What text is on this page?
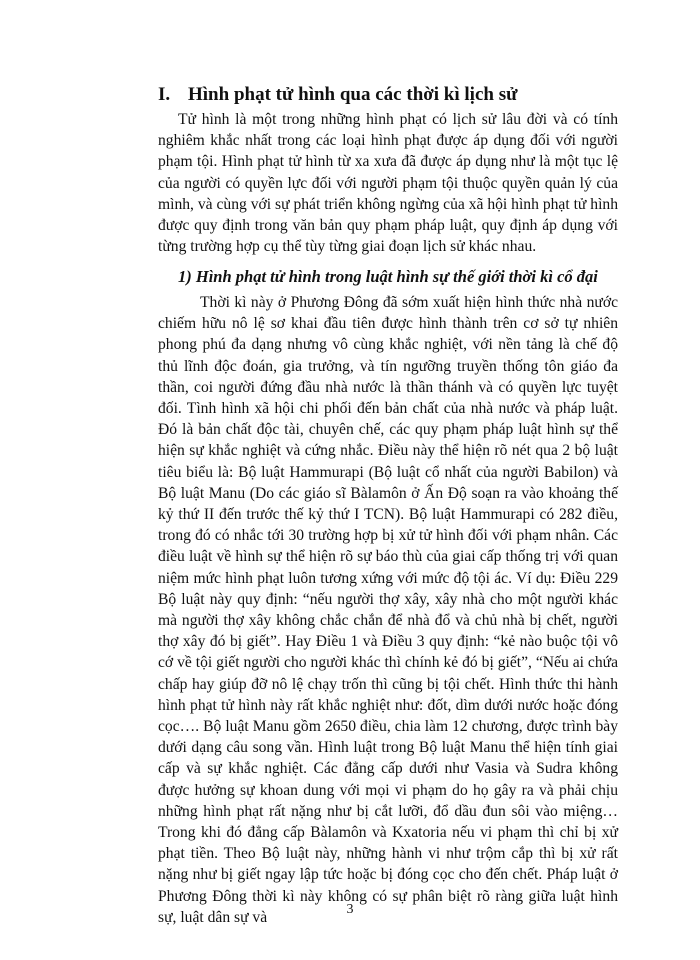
I. Hình phạt tử hình qua các thời kì lịch sử

Tử hình là một trong những hình phạt có lịch sử lâu đời và có tính nghiêm khắc nhất trong các loại hình phạt được áp dụng đối với người phạm tội. Hình phạt tử hình từ xa xưa đã được áp dụng như là một tục lệ của người có quyền lực đối với người phạm tội thuộc quyền quản lý của mình, và cùng với sự phát triển không ngừng của xã hội hình phạt tử hình được quy định trong văn bản quy phạm pháp luật, quy định áp dụng với từng trường hợp cụ thể tùy từng giai đoạn lịch sử khác nhau.

1) Hình phạt tử hình trong luật hình sự thế giới thời kì cổ đại

Thời kì này ở Phương Đông đã sớm xuất hiện hình thức nhà nước chiếm hữu nô lệ sơ khai đầu tiên được hình thành trên cơ sở tự nhiên phong phú đa dạng nhưng vô cùng khắc nghiệt, với nền tảng là chế độ thủ lĩnh độc đoán, gia trưởng, và tín ngưỡng truyền thống tôn giáo đa thần, coi người đứng đầu nhà nước là thần thánh và có quyền lực tuyệt đối. Tình hình xã hội chi phối đến bản chất của nhà nước và pháp luật. Đó là bản chất độc tài, chuyên chế, các quy phạm pháp luật hình sự thể hiện sự khắc nghiệt và cứng nhắc. Điều này thể hiện rõ nét qua 2 bộ luật tiêu biểu là: Bộ luật Hammurapi (Bộ luật cổ nhất của người Babilon) và Bộ luật Manu (Do các giáo sĩ Bàlamôn ở Ấn Độ soạn ra vào khoảng thế kỷ thứ II đến trước thế kỷ thứ I TCN). Bộ luật Hammurapi có 282 điều, trong đó có nhắc tới 30 trường hợp bị xử tử hình đối với phạm nhân. Các điều luật về hình sự thể hiện rõ sự báo thù của giai cấp thống trị với quan niệm mức hình phạt luôn tương xứng với mức độ tội ác. Ví dụ: Điều 229 Bộ luật này quy định: “nếu người thợ xây, xây nhà cho một người khác mà người thợ xây không chắc chắn để nhà đổ và chủ nhà bị chết, người thợ xây đó bị giết”. Hay Điều 1 và Điều 3 quy định: “kẻ nào buộc tội vô cớ về tội giết người cho người khác thì chính kẻ đó bị giết”, “Nếu ai chứa chấp hay giúp đỡ nô lệ chạy trốn thì cũng bị tội chết. Hình thức thi hành hình phạt tử hình này rất khắc nghiệt như: đốt, dìm dưới nước hoặc đóng cọc…. Bộ luật Manu gồm 2650 điều, chia làm 12 chương, được trình bày dưới dạng câu song vần. Hình luật trong Bộ luật Manu thể hiện tính giai cấp và sự khắc nghiệt. Các đẳng cấp dưới như Vasia và Sudra không được hưởng sự khoan dung với mọi vi phạm do họ gây ra và phải chịu những hình phạt rất nặng như bị cắt lưỡi, đổ dầu đun sôi vào miệng…Trong khi đó đẳng cấp Bàlamôn và Kxatoria nếu vi phạm thì chỉ bị xử phạt tiền. Theo Bộ luật này, những hành vi như trộm cắp thì bị xử rất nặng như bị giết ngay lập tức hoặc bị đóng cọc cho đến chết. Pháp luật ở Phương Đông thời kì này không có sự phân biệt rõ ràng giữa luật hình sự, luật dân sự và	3
